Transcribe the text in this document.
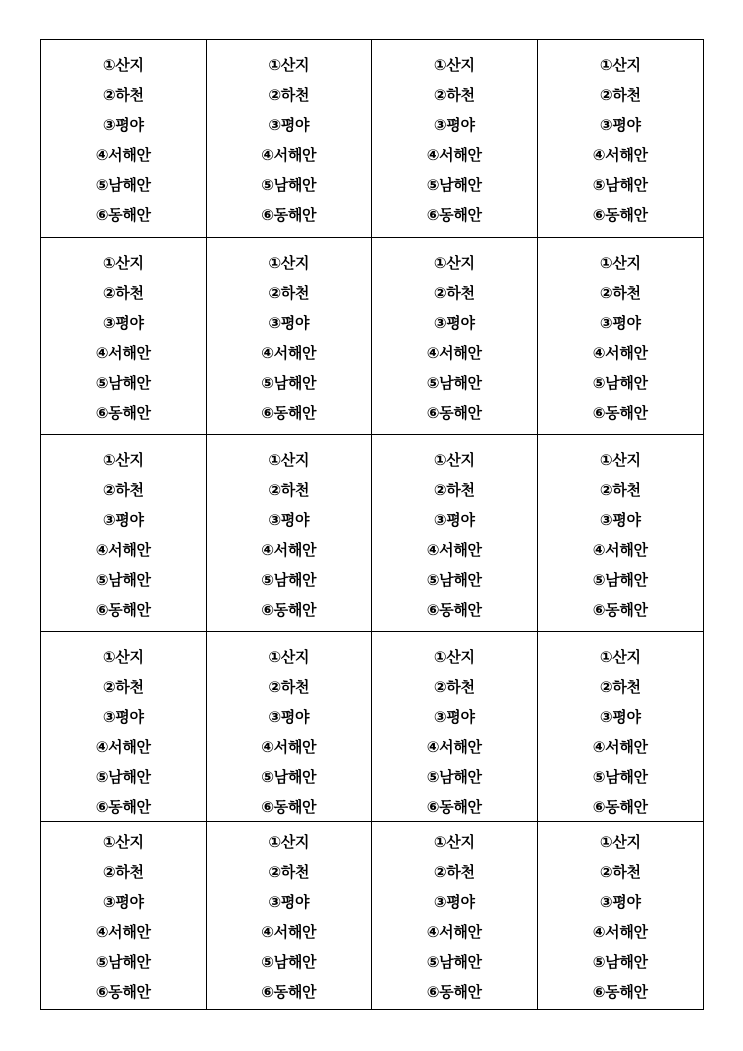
①산지
②하천
③평야
④서해안
⑤남해안
⑥동해안
①산지
②하천
③평야
④서해안
⑤남해안
⑥동해안
①산지
②하천
③평야
④서해안
⑤남해안
⑥동해안
①산지
②하천
③평야
④서해안
⑤남해안
⑥동해안
①산지
②하천
③평야
④서해안
⑤남해안
⑥동해안
①산지
②하천
③평야
④서해안
⑤남해안
⑥동해안
①산지
②하천
③평야
④서해안
⑤남해안
⑥동해안
①산지
②하천
③평야
④서해안
⑤남해안
⑥동해안
①산지
②하천
③평야
④서해안
⑤남해안
⑥동해안
①산지
②하천
③평야
④서해안
⑤남해안
⑥동해안
①산지
②하천
③평야
④서해안
⑤남해안
⑥동해안
①산지
②하천
③평야
④서해안
⑤남해안
⑥동해안
①산지
②하천
③평야
④서해안
⑤남해안
⑥동해안
①산지
②하천
③평야
④서해안
⑤남해안
⑥동해안
①산지
②하천
③평야
④서해안
⑤남해안
⑥동해안
①산지
②하천
③평야
④서해안
⑤남해안
⑥동해안
①산지
②하천
③평야
④서해안
⑤남해안
⑥동해안
①산지
②하천
③평야
④서해안
⑤남해안
⑥동해안
①산지
②하천
③평야
④서해안
⑤남해안
⑥동해안
①산지
②하천
③평야
④서해안
⑤남해안
⑥동해안
